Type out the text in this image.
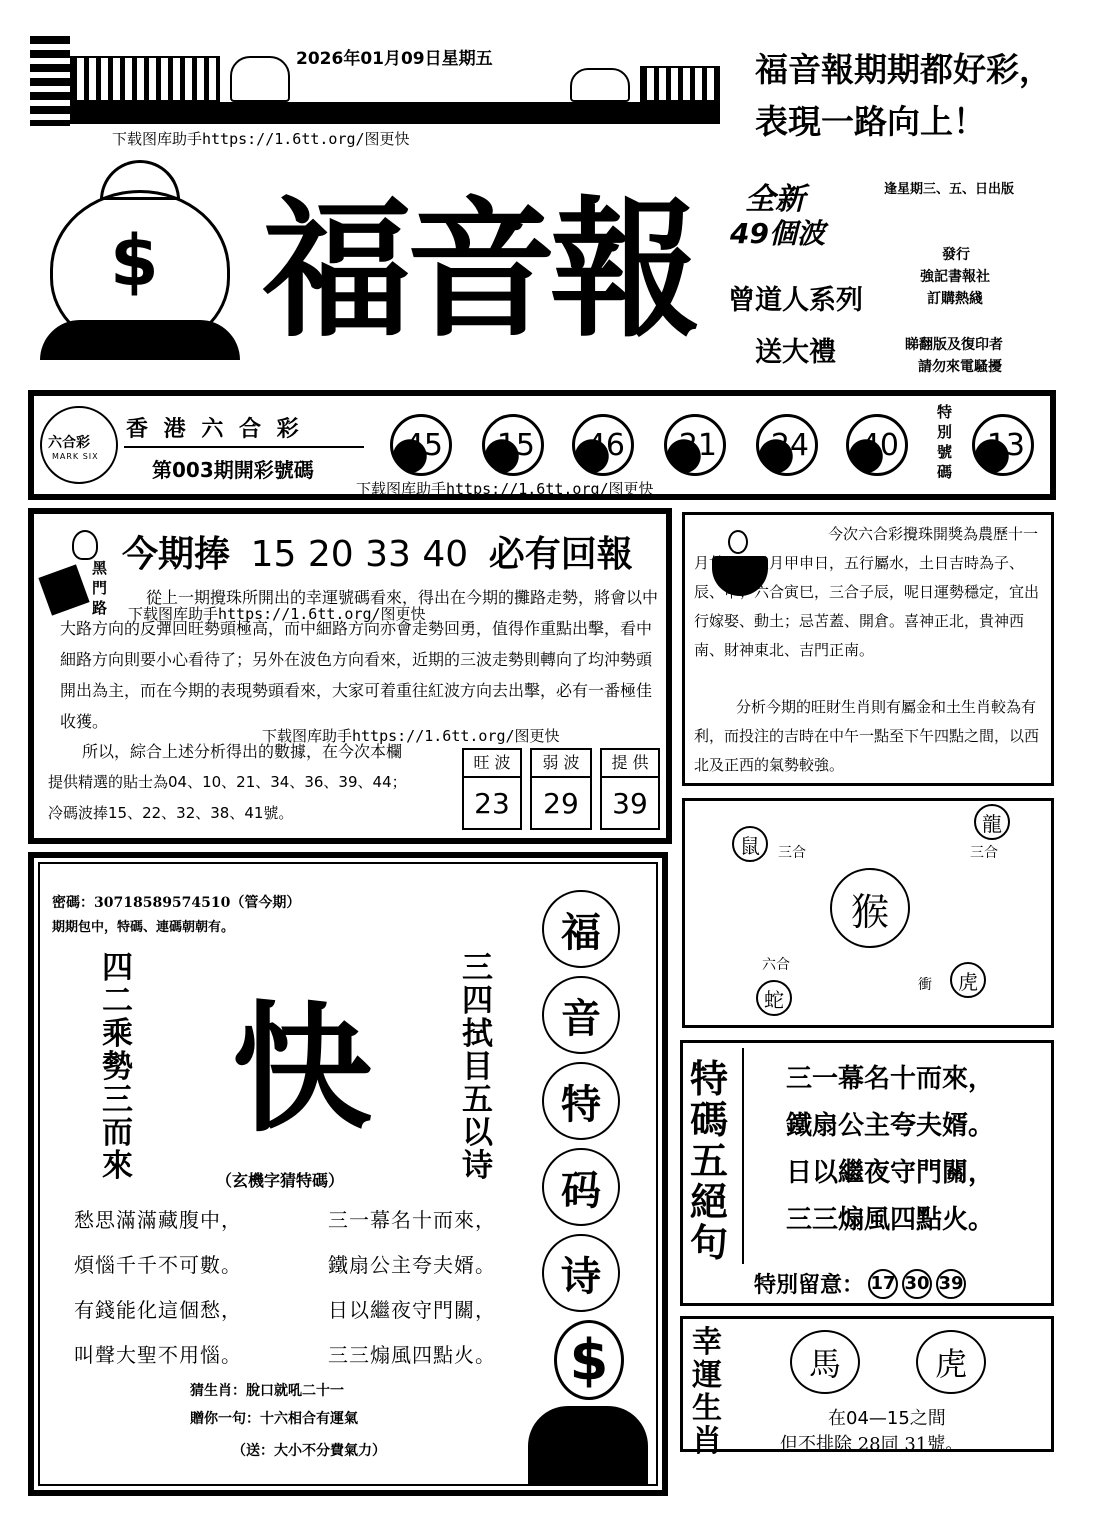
2026年01月09日星期五
下载图库助手https://1.6tt.org/图更快
福音報期期都好彩，
表現一路向上！
$ 福音報	全新
49個波
曾道人系列
送大禮
逢星期三、五、日出版
發行
強記書報社
訂購熱綫
睇翻版及復印者
請勿來電騷擾
六合彩
MARK SIX
香 港 六 合 彩
第003期開彩號碼
45	15	46	21	24	40
特
別
號
碼
13
下载图库助手https://1.6tt.org/图更快
黑
門
路
今期捧 15 20 33 40 必有回報
從上一期攪珠所開出的幸運號碼看來，得出在今期的攤路走勢，將會以中大路方向的反彈回旺勢頭極高，而中細路方向亦會走勢回勇，值得作重點出擊，看中細路方向則要小心看待了；另外在波色方向看來，近期的三波走勢則轉向了均沖勢頭開出為主，而在今期的表現勢頭看來，大家可着重往紅波方向去出擊，必有一番極佳收獲。
下载图库助手https://1.6tt.org/图更快
下载图库助手https://1.6tt.org/图更快
所以，綜合上述分析得出的數據，在今次本欄
提供精選的貼士為04、10、21、34、36、39、44；
冷碼波捧15、22、32、38、41號。
旺 波
23
弱 波
29
提 供
39
今次六合彩攪珠開獎為農歷十一月廿二己丑月甲申日，五行屬水，土日吉時為子、辰、申；六合寅巳，三合子辰，呢日運勢穩定，宜出行嫁娶、動土；忌苫蓋、開倉。喜神正北，貴神西南、財神東北、吉門正南。
分析今期的旺財生肖則有屬金和土生肖較為有利，而投注的吉時在中午一點至下午四點之間，以西北及正西的氣勢較強。
鼠	三合
龍
三合
猴
六合
蛇
衝	虎
密碼：30718589574510（管今期）
期期包中，特碼、連碼朝朝有。
四
二
乘
勢
三
而
來
快
（玄機字猜特碼）
三
四
拭
目
五
以
诗
愁思滿滿藏腹中，
煩惱千千不可數。
有錢能化這個愁，
叫聲大聖不用惱。
三一幕名十而來，
鐵扇公主夸夫婿。
日以繼夜守門關，
三三煽風四點火。
猜生肖：脫口就吼二十一
贈你一句：十六相合有運氣
（送：大小不分費氣力）
福
音
特
码
诗
$
特
碼
五
絕
句
三一幕名十而來，
鐵扇公主夸夫婿。
日以繼夜守門關，
三三煽風四點火。
特別留意： 17 30 39
幸
運
生
肖
馬	虎
在04—15之間
但不排除 28同 31號。
